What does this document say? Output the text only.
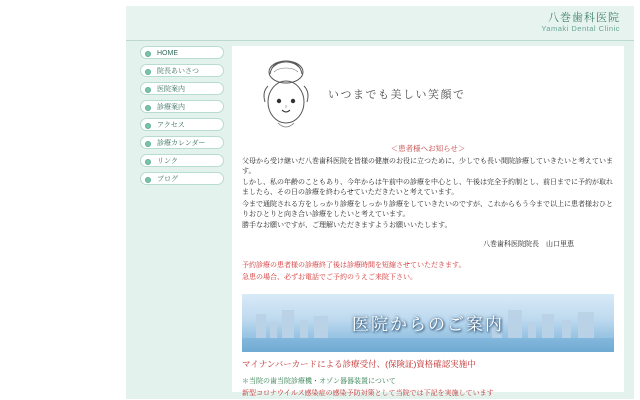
八巻歯科医院
Yamaki Dental Clinic
HOME
院長あいさつ
医院案内
診療案内
アクセス
診療カレンダー
リンク
ブログ
いつまでも美しい笑顔で
＜患者様へお知らせ＞

父母から受け継いだ八巻歯科医院を皆様の健康のお役に立つために、少しでも長い間院診療していきたいと考えています。

しかし、私の年齢のこともあり、今年からは午前中の診療を中心とし、午後は完全予約制とし、前日までに予約が取れましたら、その日の診療を終わらせていただきたいと考えています。

今まで通院される方をしっかり診療をしっかり診療をしていきたいのですが、これからもう今まで以上に患者様おひとりおひとりと向き合い診療をしたいと考えています。

勝手なお願いですが、ご理解いただきますようお願いいたします。

八巻歯科医院院長　山口里恵

予約診療の患者様の診療終了後は診療時間を短縮させていただきます。

急患の場合、必ずお電話でご予約のうえご来院下さい。

医院からのご案内
マイナンバーカードによる診療受付、(保険証)資格確認実施中
＊当院の歯当院診療機・オゾン器器装置について
新型コロナウイルス感染症の感染予防対策として当院では下記を実施しています
